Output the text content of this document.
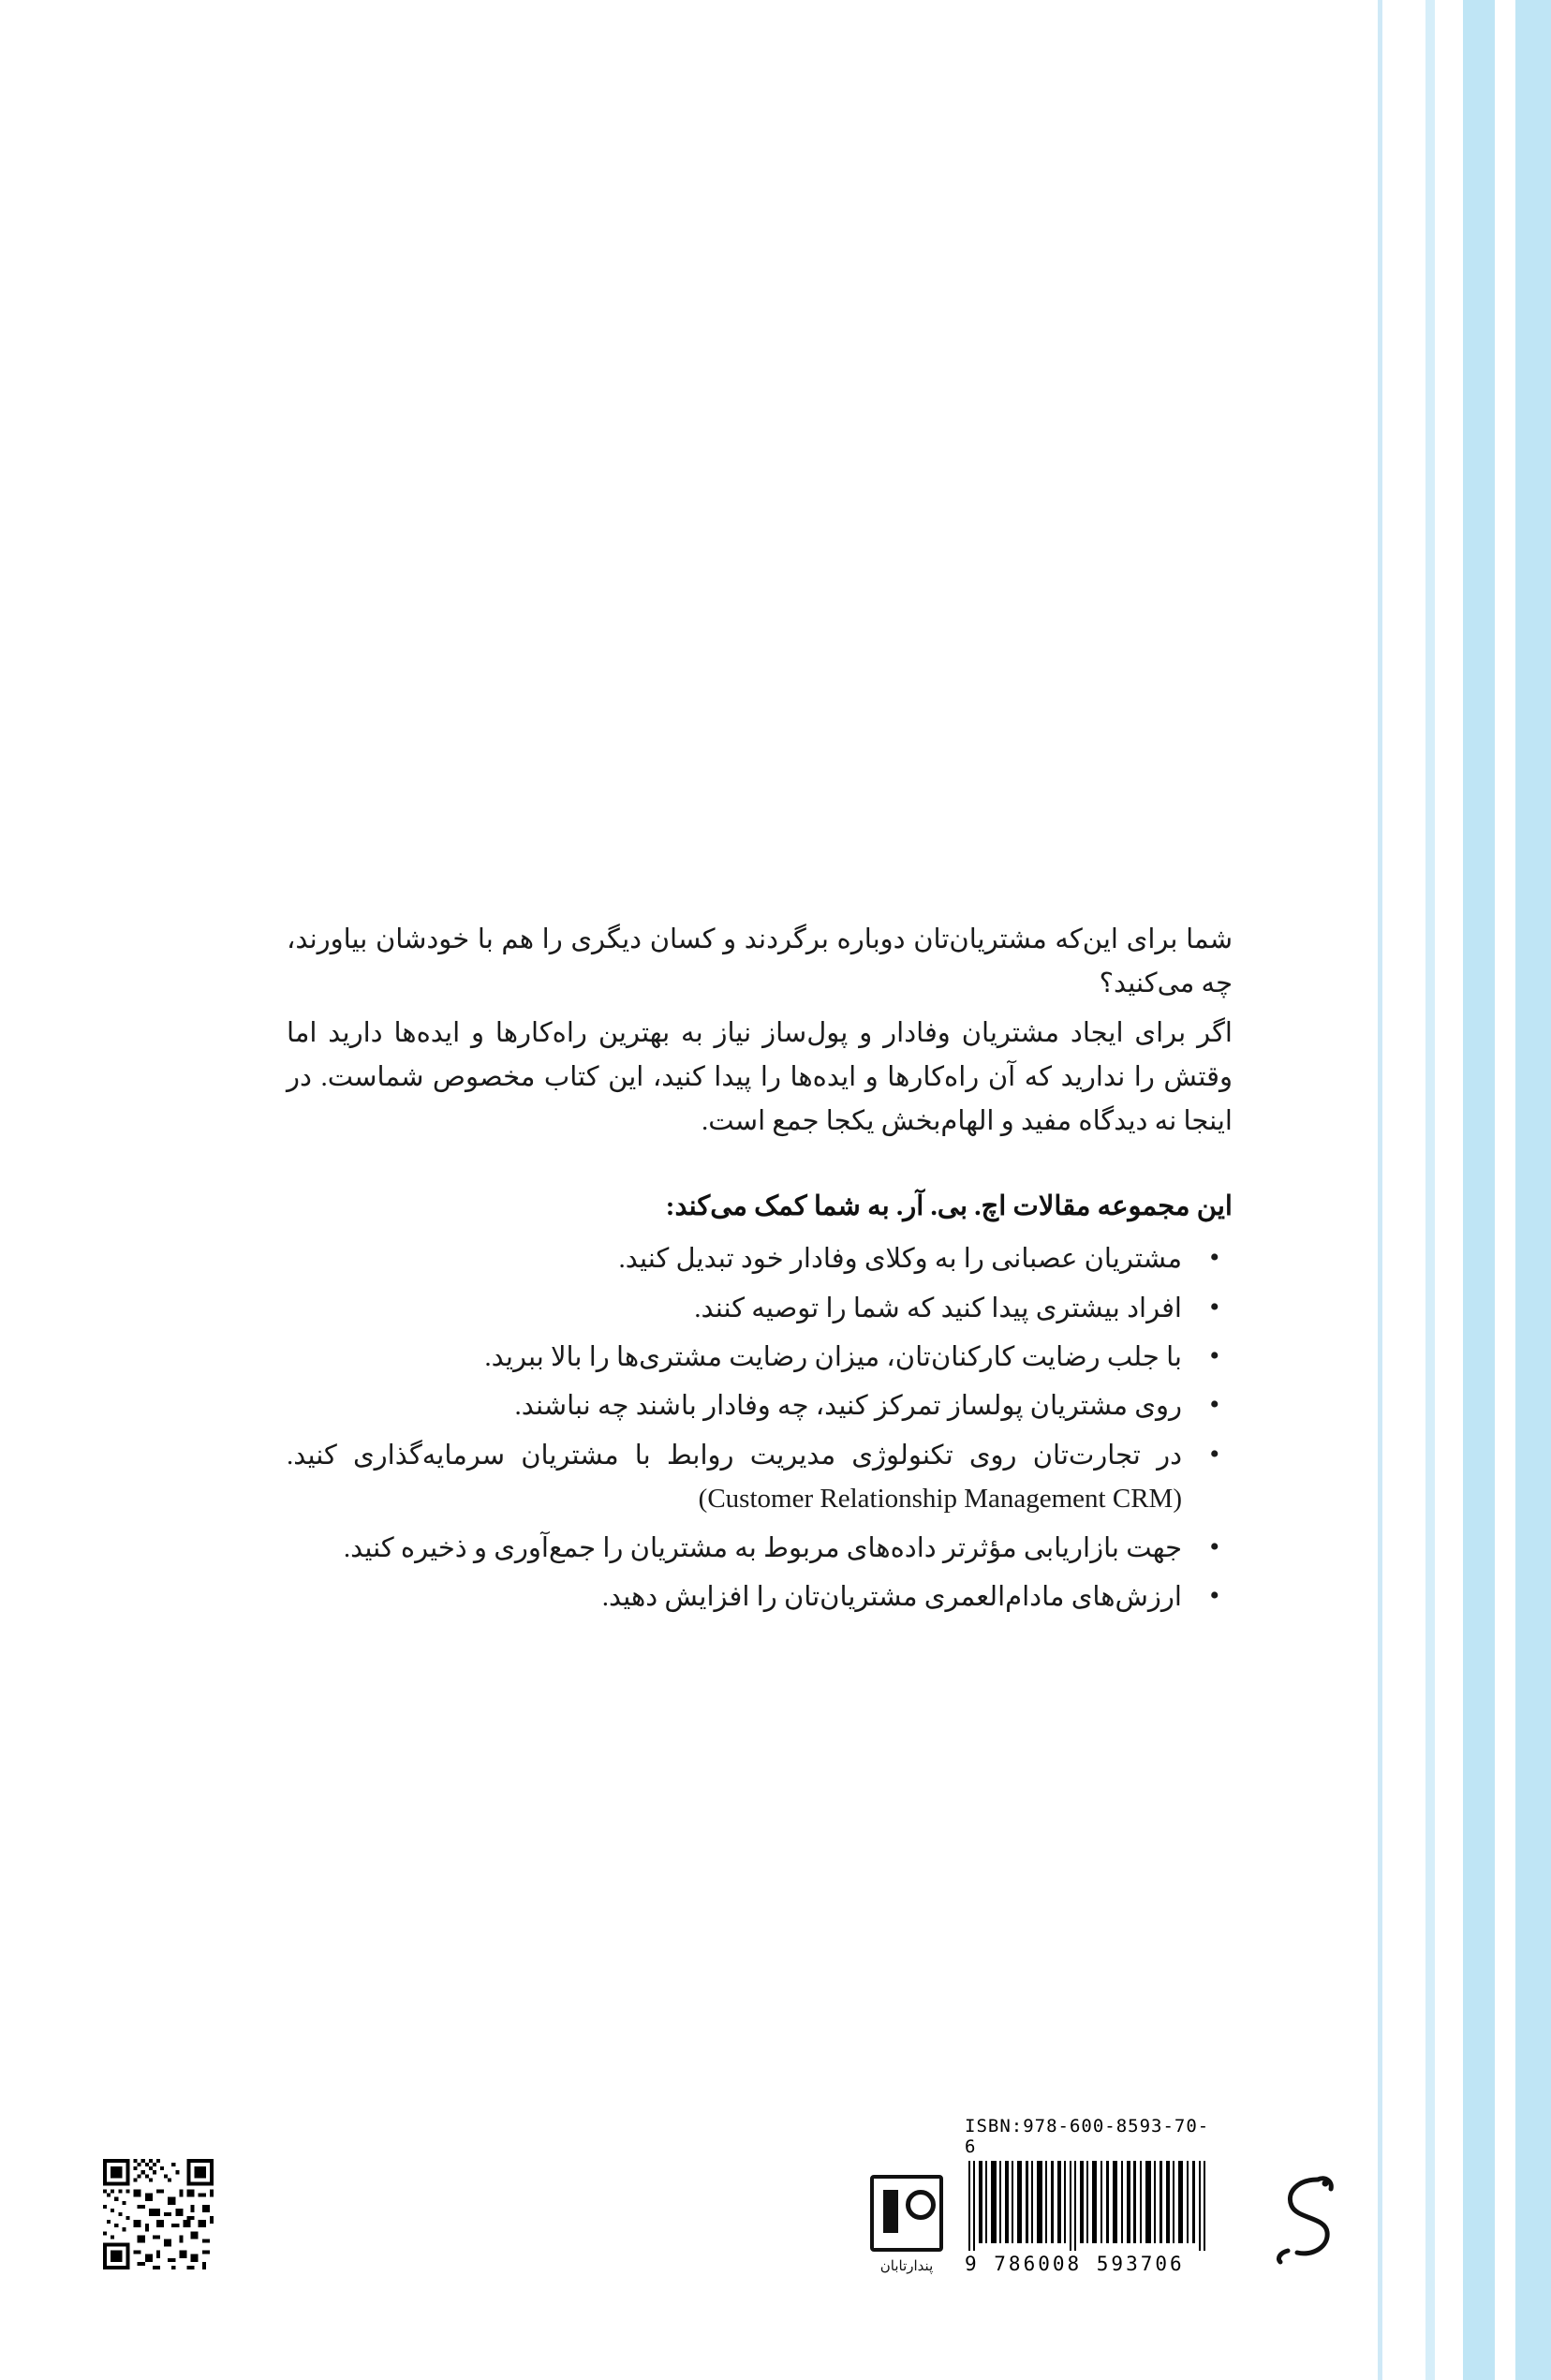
شما برای این‌که مشتریان‌تان دوباره برگردند و کسان دیگری را هم با خودشان بیاورند، چه می‌کنید؟

اگر برای ایجاد مشتریان وفادار و پول‌ساز نیاز به بهترین راه‌کارها و ایده‌ها دارید اما وقتش را ندارید که آن راه‌کارها و ایده‌ها را پیدا کنید، این کتاب مخصوص شماست. در اینجا نه دیدگاه مفید و الهام‌بخش یکجا جمع است.

این مجموعه مقالات اچ. بی. آر. به شما کمک می‌کند:

• مشتریان عصبانی را به وکلای وفادار خود تبدیل کنید.
• افراد بیشتری پیدا کنید که شما را توصیه کنند.
• با جلب رضایت کارکنان‌تان، میزان رضایت مشتری‌ها را بالا ببرید.
• روی مشتریان پولساز تمرکز کنید، چه وفادار باشند چه نباشند.
• در تجارت‌تان روی تکنولوژی مدیریت روابط با مشتریان سرمایه‌گذاری کنید. (Customer Relationship Management CRM)
• جهت بازاریابی مؤثرتر داده‌های مربوط به مشتریان را جمع‌آوری و ذخیره کنید.
• ارزش‌های مادام‌العمری مشتریان‌تان را افزایش دهید.
پندارتابان
ISBN:978-600-8593-70-6
9 786008 593706
